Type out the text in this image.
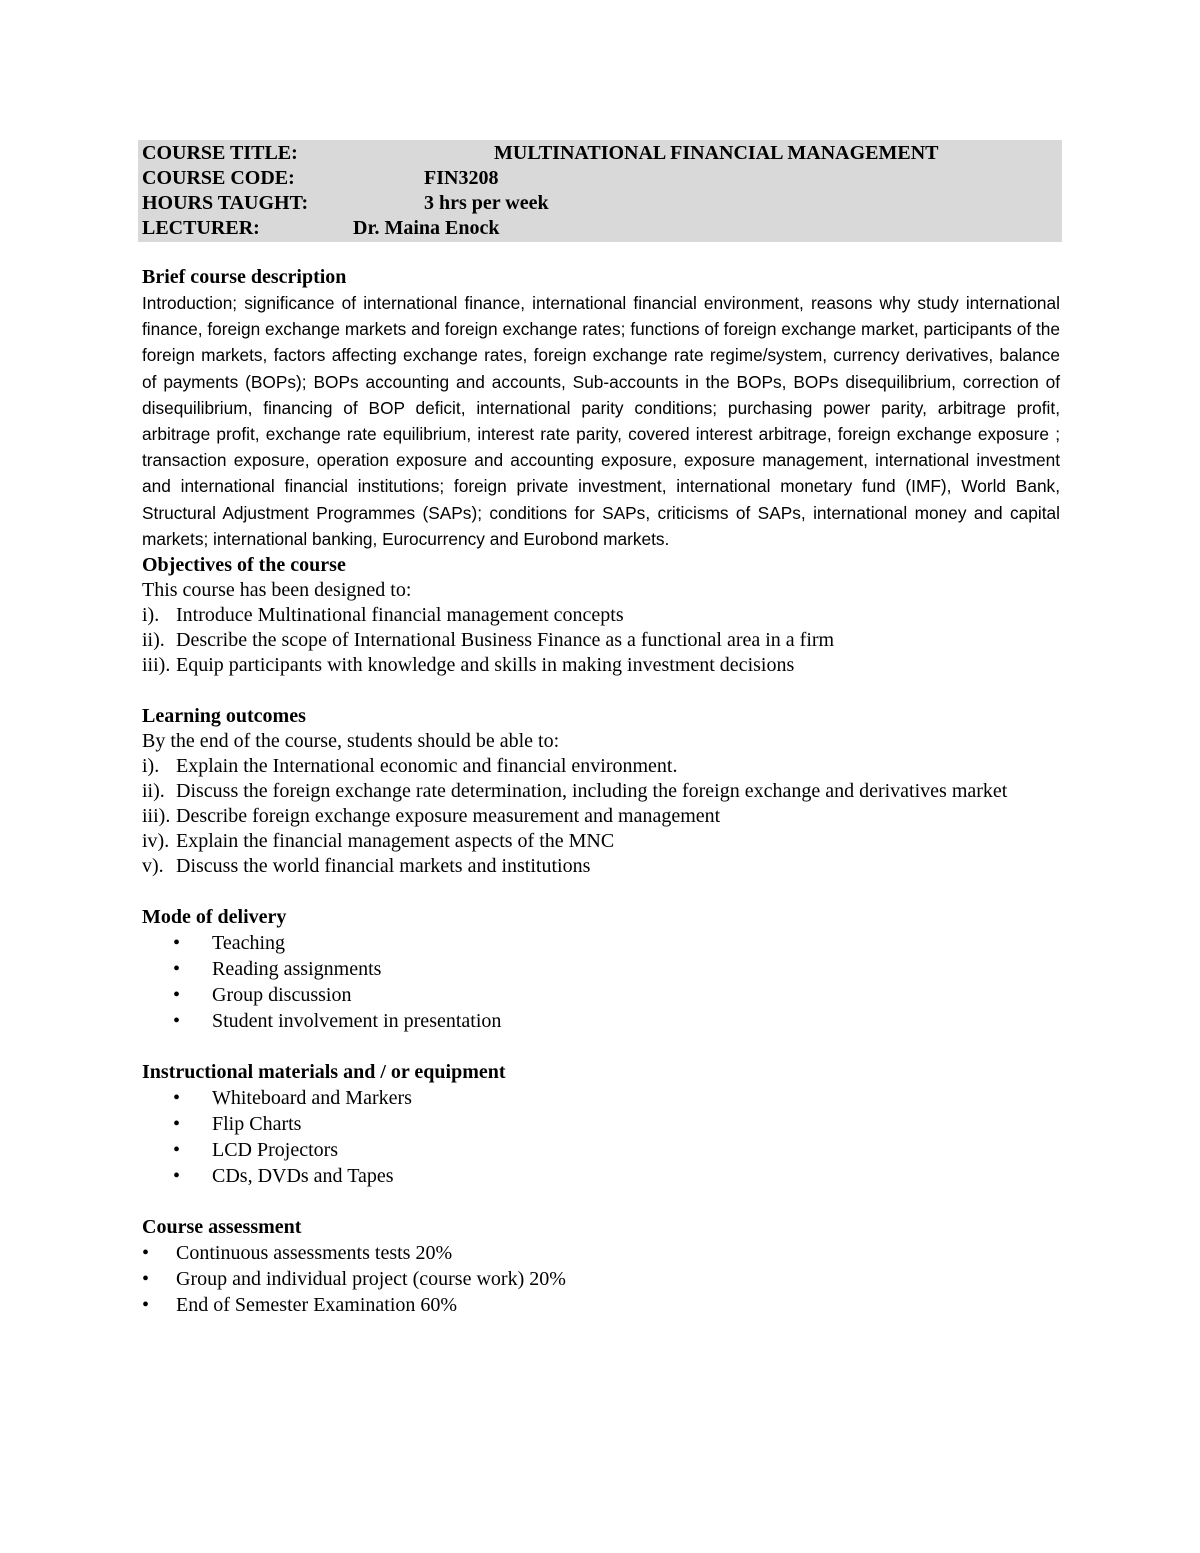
COURSE TITLE:	MULTINATIONAL FINANCIAL MANAGEMENT
COURSE CODE:	FIN3208
HOURS TAUGHT:	3 hrs per week
LECTURER:	Dr. Maina Enock
Brief course description

Introduction; significance of international finance, international financial environment, reasons why study international finance, foreign exchange markets and foreign exchange rates; functions of foreign exchange market, participants of the foreign markets, factors affecting exchange rates, foreign exchange rate regime/system, currency derivatives, balance of payments (BOPs); BOPs accounting and accounts, Sub-accounts in the BOPs, BOPs disequilibrium, correction of disequilibrium, financing of BOP deficit, international parity conditions; purchasing power parity, arbitrage profit, arbitrage profit, exchange rate equilibrium, interest rate parity, covered interest arbitrage, foreign exchange exposure ; transaction exposure, operation exposure and accounting exposure, exposure management, international investment and international financial institutions; foreign private investment, international monetary fund (IMF), World Bank, Structural Adjustment Programmes (SAPs); conditions for SAPs, criticisms of SAPs, international money and capital markets; international banking, Eurocurrency and Eurobond markets.

Objectives of the course
This course has been designed to:
i). Introduce Multinational financial management concepts
ii). Describe the scope of International Business Finance as a functional area in a firm
iii). Equip participants with knowledge and skills in making investment decisions
Learning outcomes
By the end of the course, students should be able to:
i). Explain the International economic and financial environment.
ii). Discuss the foreign exchange rate determination, including the foreign exchange and derivatives market
iii). Describe foreign exchange exposure measurement and management
iv). Explain the financial management aspects of the MNC
v). Discuss the world financial markets and institutions
Mode of delivery
• Teaching
• Reading assignments
• Group discussion
• Student involvement in presentation
Instructional materials and / or equipment
• Whiteboard and Markers
• Flip Charts
• LCD Projectors
• CDs, DVDs and Tapes
Course assessment
• Continuous assessments tests 20%
• Group and individual project (course work) 20%
• End of Semester Examination 60%
